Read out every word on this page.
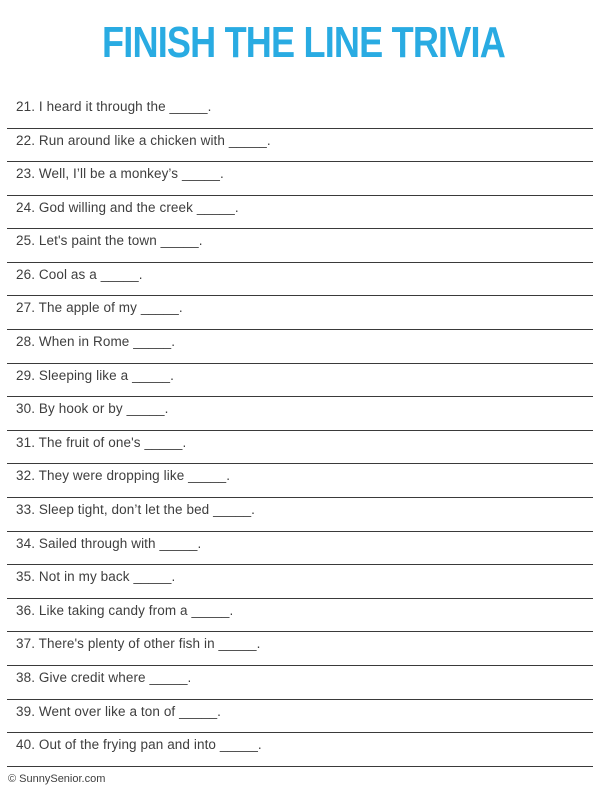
FINISH THE LINE TRIVIA
21. I heard it through the _____.
22. Run around like a chicken with _____.
23. Well, I’ll be a monkey’s _____.
24. God willing and the creek _____.
25. Let's paint the town _____.
26. Cool as a _____.
27. The apple of my _____.
28. When in Rome _____.
29. Sleeping like a _____.
30. By hook or by _____.
31. The fruit of one's _____.
32. They were dropping like _____.
33. Sleep tight, don’t let the bed _____.
34. Sailed through with _____.
35. Not in my back _____.
36. Like taking candy from a _____.
37. There's plenty of other fish in _____.
38. Give credit where _____.
39. Went over like a ton of _____.
40. Out of the frying pan and into _____.
© SunnySenior.com
